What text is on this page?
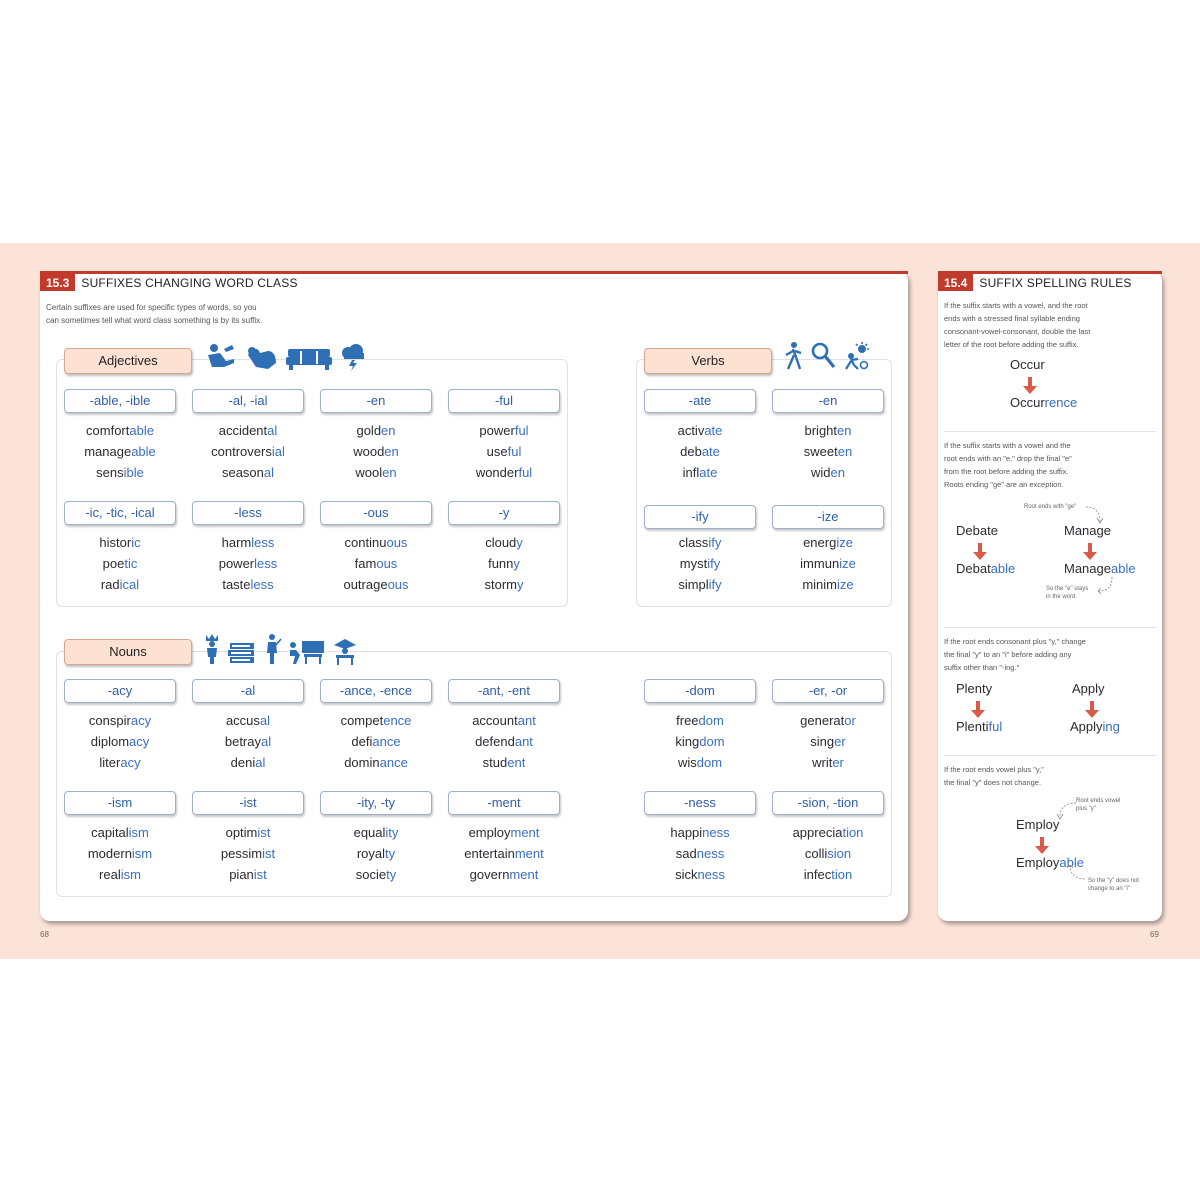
15.3	SUFFIXES CHANGING WORD CLASS
Certain suffixes are used for specific types of words, so you
can sometimes tell what word class something is by its suffix.
Adjectives
-able, -ible
comfortable
manageable
sensible
-al, -ial
accidental
controversial
seasonal
-en
golden
wooden
woolen
-ful
powerful
useful
wonderful
-ic, -tic, -ical
historic
poetic
radical
-less
harmless
powerless
tasteless
-ous
continuous
famous
outrageous
-y
cloudy
funny
stormy
Verbs
-ate
activate
debate
inflate
-en
brighten
sweeten
widen
-ify
classify
mystify
simplify
-ize
energize
immunize
minimize
Nouns
-acy
conspiracy
diplomacy
literacy
-al
accusal
betrayal
denial
-ance, -ence
competence
defiance
dominance
-ant, -ent
accountant
defendant
student
-dom
freedom
kingdom
wisdom
-er, -or
generator
singer
writer
-ism
capitalism
modernism
realism
-ist
optimist
pessimist
pianist
-ity, -ty
equality
royalty
society
-ment
employment
entertainment
government
-ness
happiness
sadness
sickness
-sion, -tion
appreciation
collision
infection
15.4	SUFFIX SPELLING RULES
If the suffix starts with a vowel, and the root
ends with a stressed final syllable ending
consonant-vowel-consonant, double the last
letter of the root before adding the suffix.
Occur
Occurrence
If the suffix starts with a vowel and the
root ends with an "e," drop the final "e"
from the root before adding the suffix.
Roots ending "ge" are an exception.
Root ends with "ge"
Debate	Manage
Debatable	Manageable
So the "e" stays
in the word.
If the root ends consonant plus "y," change
the final "y" to an "i" before adding any
suffix other than "-ing."
Plenty	Apply
Plentiful	Applying
If the root ends vowel plus "y,"
the final "y" does not change.
Root ends vowel
plus "y"
Employ
Employable
So the "y" does not
change to an "i"
68	69
